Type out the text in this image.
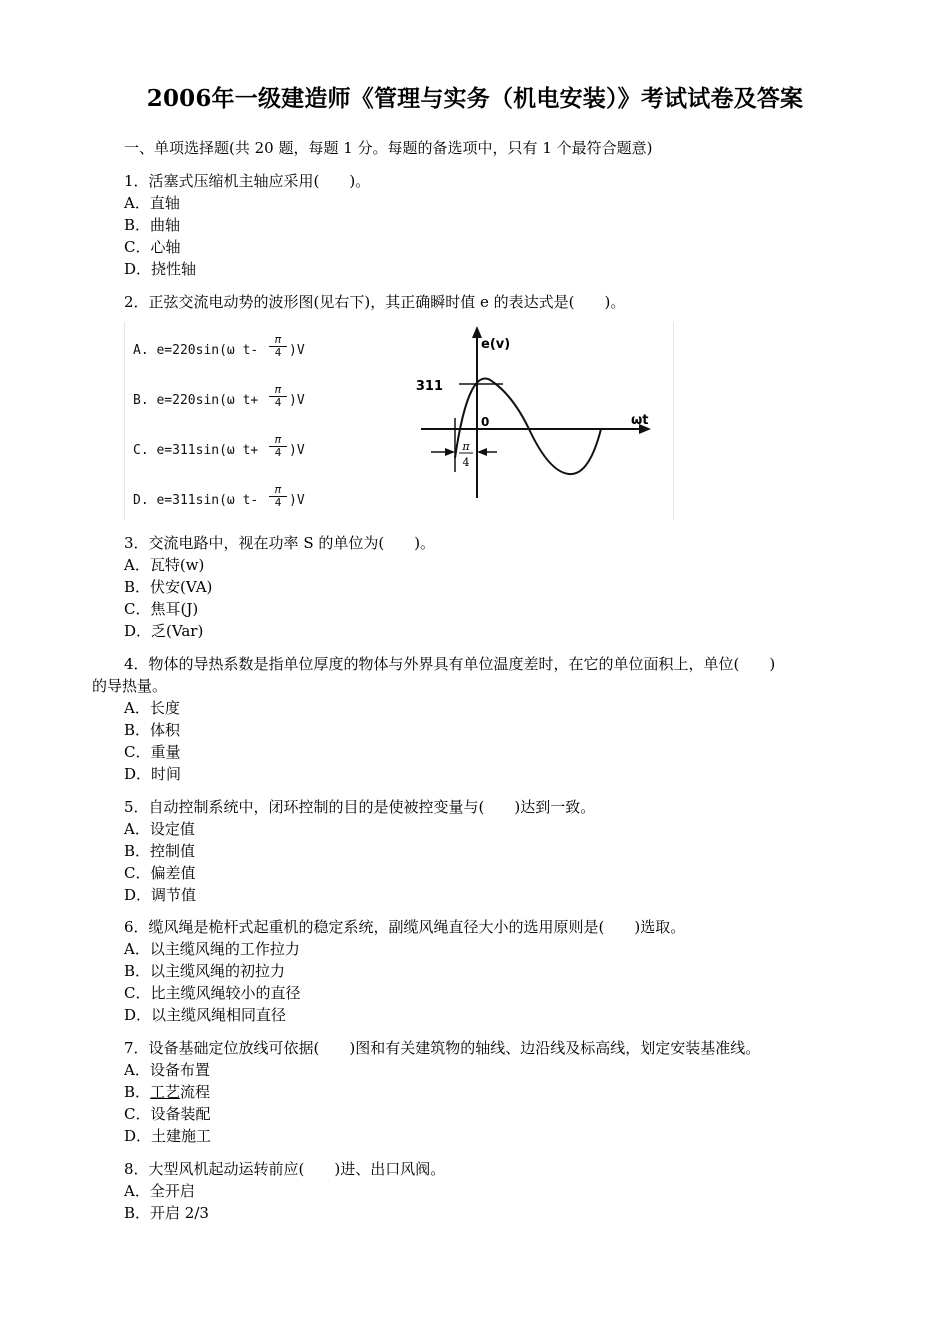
2006年一级建造师《管理与实务（机电安装）》考试试卷及答案
一、单项选择题(共 20 题，每题 1 分。每题的备选项中，只有 1 个最符合题意)
1．活塞式压缩机主轴应采用(　　)。
A．直轴
B．曲轴
C．心轴
D．挠性轴
2．正弦交流电动势的波形图(见右下)，其正确瞬时值 e 的表达式是(　　)。
A. e=220sin(ω $t- \frac{\pi}{4} )V$
B. e=220sin(ω $t+ \frac{\pi}{4} )V$
C. e=311sin(ω $t+ \frac{\pi}{4} )V$
D. e=311sin(ω $t- \frac{\pi}{4} )V$
e(v)
ωt
311
0
π
4
3．交流电路中，视在功率 S 的单位为(　　)。
A．瓦特(w)
B．伏安(VA)
C．焦耳(J)
D．乏(Var)
4．物体的导热系数是指单位厚度的物体与外界具有单位温度差时，在它的单位面积上，单位(　　)
的导热量。
A．长度
B．体积
C．重量
D．时间
5．自动控制系统中，闭环控制的目的是使被控变量与(　　)达到一致。
A．设定值
B．控制值
C．偏差值
D．调节值
6．缆风绳是桅杆式起重机的稳定系统，副缆风绳直径大小的选用原则是(　　)选取。
A．以主缆风绳的工作拉力
B．以主缆风绳的初拉力
C．比主缆风绳较小的直径
D．以主缆风绳相同直径
7．设备基础定位放线可依据(　　)图和有关建筑物的轴线、边沿线及标高线，划定安装基准线。
A．设备布置
B．工艺流程
C．设备装配
D．土建施工
8．大型风机起动运转前应(　　)进、出口风阀。
A．全开启
B．开启 2/3
